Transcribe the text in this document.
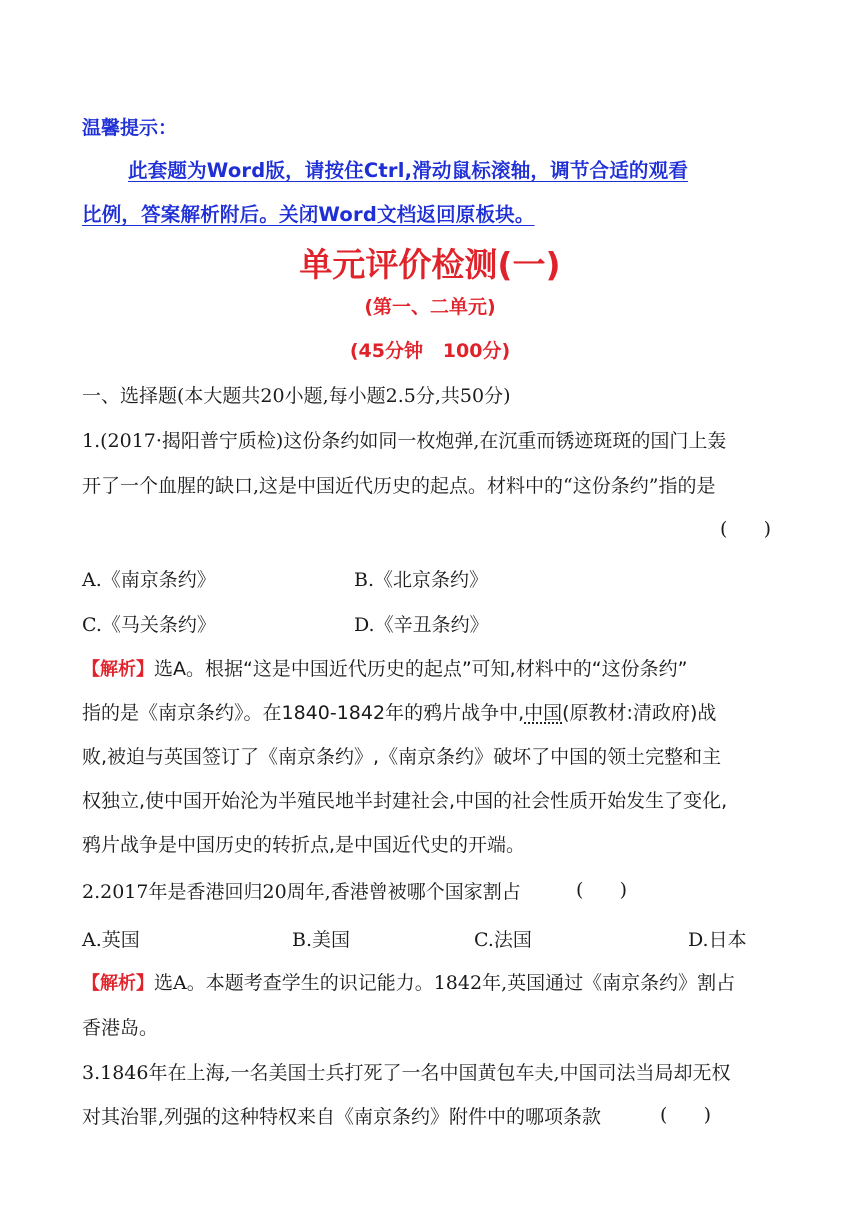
温馨提示：
此套题为Word版，请按住Ctrl,滑动鼠标滚轴，调节合适的观看
比例，答案解析附后。关闭Word文档返回原板块。
单元评价检测(一)
(第一、二单元)
(45分钟   100分)
一、选择题(本大题共20小题,每小题2.5分,共50分)
1.(2017·揭阳普宁质检)这份条约如同一枚炮弹,在沉重而锈迹斑斑的国门上轰
开了一个血腥的缺口,这是中国近代历史的起点。材料中的“这份条约”指的是
(      )
A.《南京条约》	B.《北京条约》
C.《马关条约》	D.《辛丑条约》
【解析】选A。根据“这是中国近代历史的起点”可知,材料中的“这份条约”
指的是《南京条约》。在1840-1842年的鸦片战争中,中国(原教材:清政府)战
败,被迫与英国签订了《南京条约》,《南京条约》破坏了中国的领土完整和主
权独立,使中国开始沦为半殖民地半封建社会,中国的社会性质开始发生了变化,
鸦片战争是中国历史的转折点,是中国近代史的开端。
2.2017年是香港回归20周年,香港曾被哪个国家割占	(      )
A.英国	B.美国	C.法国	D.日本
【解析】选A。本题考查学生的识记能力。1842年,英国通过《南京条约》割占
香港岛。
3.1846年在上海,一名美国士兵打死了一名中国黄包车夫,中国司法当局却无权
对其治罪,列强的这种特权来自《南京条约》附件中的哪项条款	(      )
